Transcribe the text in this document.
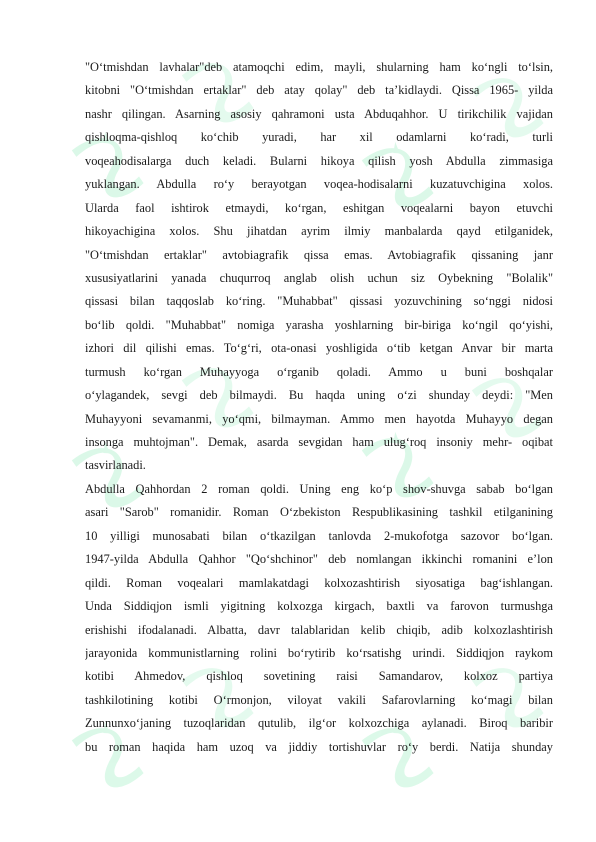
"O‘tmishdan lavhalar"deb atamoqchi edim, mayli, shularning ham ko‘ngli to‘lsin,
kitobni "O‘tmishdan ertaklar" deb atay qolay" deb ta’kidlaydi. Qissa 1965- yilda
nashr qilingan. Asarning asosiy qahramoni usta Abduqahhor. U tirikchilik vajidan
qishloqma-qishloq ko‘chib yuradi, har xil odamlarni ko‘radi, turli
voqeahodisalarga duch keladi. Bularni hikoya qilish yosh Abdulla zimmasiga
yuklangan. Abdulla ro‘y berayotgan voqea-hodisalarni kuzatuvchigina xolos.
Ularda faol ishtirok etmaydi, ko‘rgan, eshitgan voqealarni bayon etuvchi
hikoyachigina xolos. Shu jihatdan ayrim ilmiy manbalarda qayd etilganidek,
"O‘tmishdan ertaklar" avtobiagrafik qissa emas. Avtobiagrafik qissaning janr
xususiyatlarini yanada chuqurroq anglab olish uchun siz Oybekning "Bolalik"
qissasi bilan taqqoslab ko‘ring. "Muhabbat" qissasi yozuvchining so‘nggi nidosi
bo‘lib qoldi. "Muhabbat" nomiga yarasha yoshlarning bir-biriga ko‘ngil qo‘yishi,
izhori dil qilishi emas. To‘g‘ri, ota-onasi yoshligida o‘tib ketgan Anvar bir marta
turmush ko‘rgan Muhayyoga o‘rganib qoladi. Ammo u buni boshqalar
o‘ylagandek, sevgi deb bilmaydi. Bu haqda uning o‘zi shunday deydi: "Men
Muhayyoni sevamanmi, yo‘qmi, bilmayman. Ammo men hayotda Muhayyo degan
insonga muhtojman". Demak, asarda sevgidan ham ulug‘roq insoniy mehr- oqibat
tasvirlanadi.
Abdulla Qahhordan 2 roman qoldi. Uning eng ko‘p shov-shuvga sabab bo‘lgan
asari "Sarob" romanidir. Roman O‘zbekiston Respublikasining tashkil etilganining
10 yilligi munosabati bilan o‘tkazilgan tanlovda 2-mukofotga sazovor bo‘lgan.
1947-yilda Abdulla Qahhor "Qo‘shchinor" deb nomlangan ikkinchi romanini e’lon
qildi. Roman voqealari mamlakatdagi kolxozashtirish siyosatiga bag‘ishlangan.
Unda Siddiqjon ismli yigitning kolxozga kirgach, baxtli va farovon turmushga
erishishi ifodalanadi. Albatta, davr talablaridan kelib chiqib, adib kolxozlashtirish
jarayonida kommunistlarning rolini bo‘rytirib ko‘rsatishg urindi. Siddiqjon raykom
kotibi Ahmedov, qishloq sovetining raisi Samandarov, kolxoz partiya
tashkilotining kotibi O‘rmonjon, viloyat vakili Safarovlarning ko‘magi bilan
Zunnunxo‘janing tuzoqlaridan qutulib, ilg‘or kolxozchiga aylanadi. Biroq baribir
bu roman haqida ham uzoq va jiddiy tortishuvlar ro‘y berdi. Natija shunday
